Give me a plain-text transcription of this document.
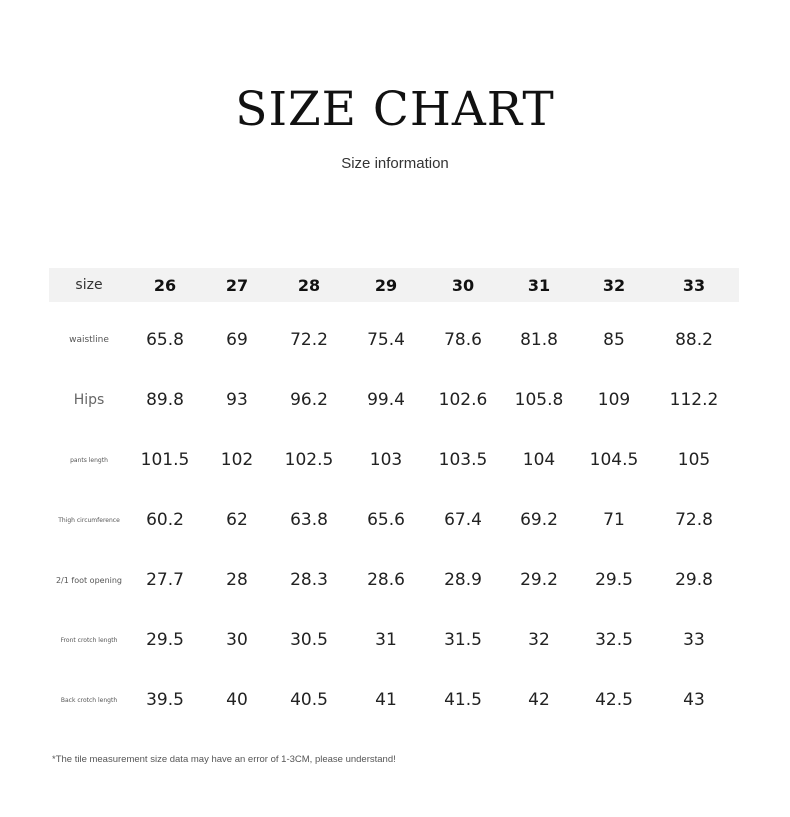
SIZE CHART
Size information
size	26	27	28	29	30	31	32	33

waistline	65.8	69	72.2	75.4	78.6	81.8	85	88.2
Hips	89.8	93	96.2	99.4	102.6	105.8	109	112.2
pants length	101.5	102	102.5	103	103.5	104	104.5	105
Thigh circumference	60.2	62	63.8	65.6	67.4	69.2	71	72.8
2/1 foot opening	27.7	28	28.3	28.6	28.9	29.2	29.5	29.8
Front crotch length	29.5	30	30.5	31	31.5	32	32.5	33
Back crotch length	39.5	40	40.5	41	41.5	42	42.5	43
*The tile measurement size data may have an error of 1-3CM, please understand!
